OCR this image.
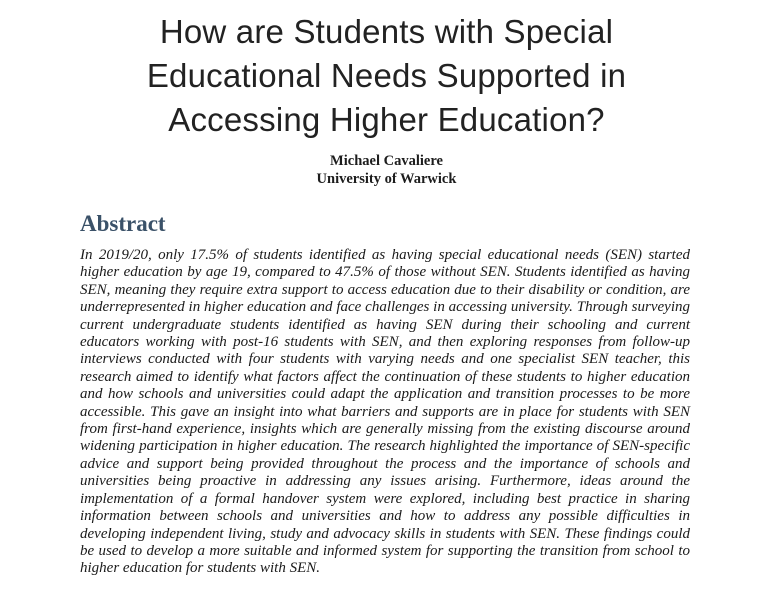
How are Students with Special
Educational Needs Supported in
Accessing Higher Education?
Michael Cavaliere
University of Warwick
Abstract

In 2019/20, only 17.5% of students identified as having special educational needs (SEN) started higher education by age 19, compared to 47.5% of those without SEN. Students identified as having SEN, meaning they require extra support to access education due to their disability or condition, are underrepresented in higher education and face challenges in accessing university. Through surveying current undergraduate students identified as having SEN during their schooling and current educators working with post-16 students with SEN, and then exploring responses from follow-up interviews conducted with four students with varying needs and one specialist SEN teacher, this research aimed to identify what factors affect the continuation of these students to higher education and how schools and universities could adapt the application and transition processes to be more accessible. This gave an insight into what barriers and supports are in place for students with SEN from first-hand experience, insights which are generally missing from the existing discourse around widening participation in higher education. The research highlighted the importance of SEN-specific advice and support being provided throughout the process and the importance of schools and universities being proactive in addressing any issues arising. Furthermore, ideas around the implementation of a formal handover system were explored, including best practice in sharing information between schools and universities and how to address any possible difficulties in developing independent living, study and advocacy skills in students with SEN. These findings could be used to develop a more suitable and informed system for supporting the transition from school to higher education for students with SEN.
